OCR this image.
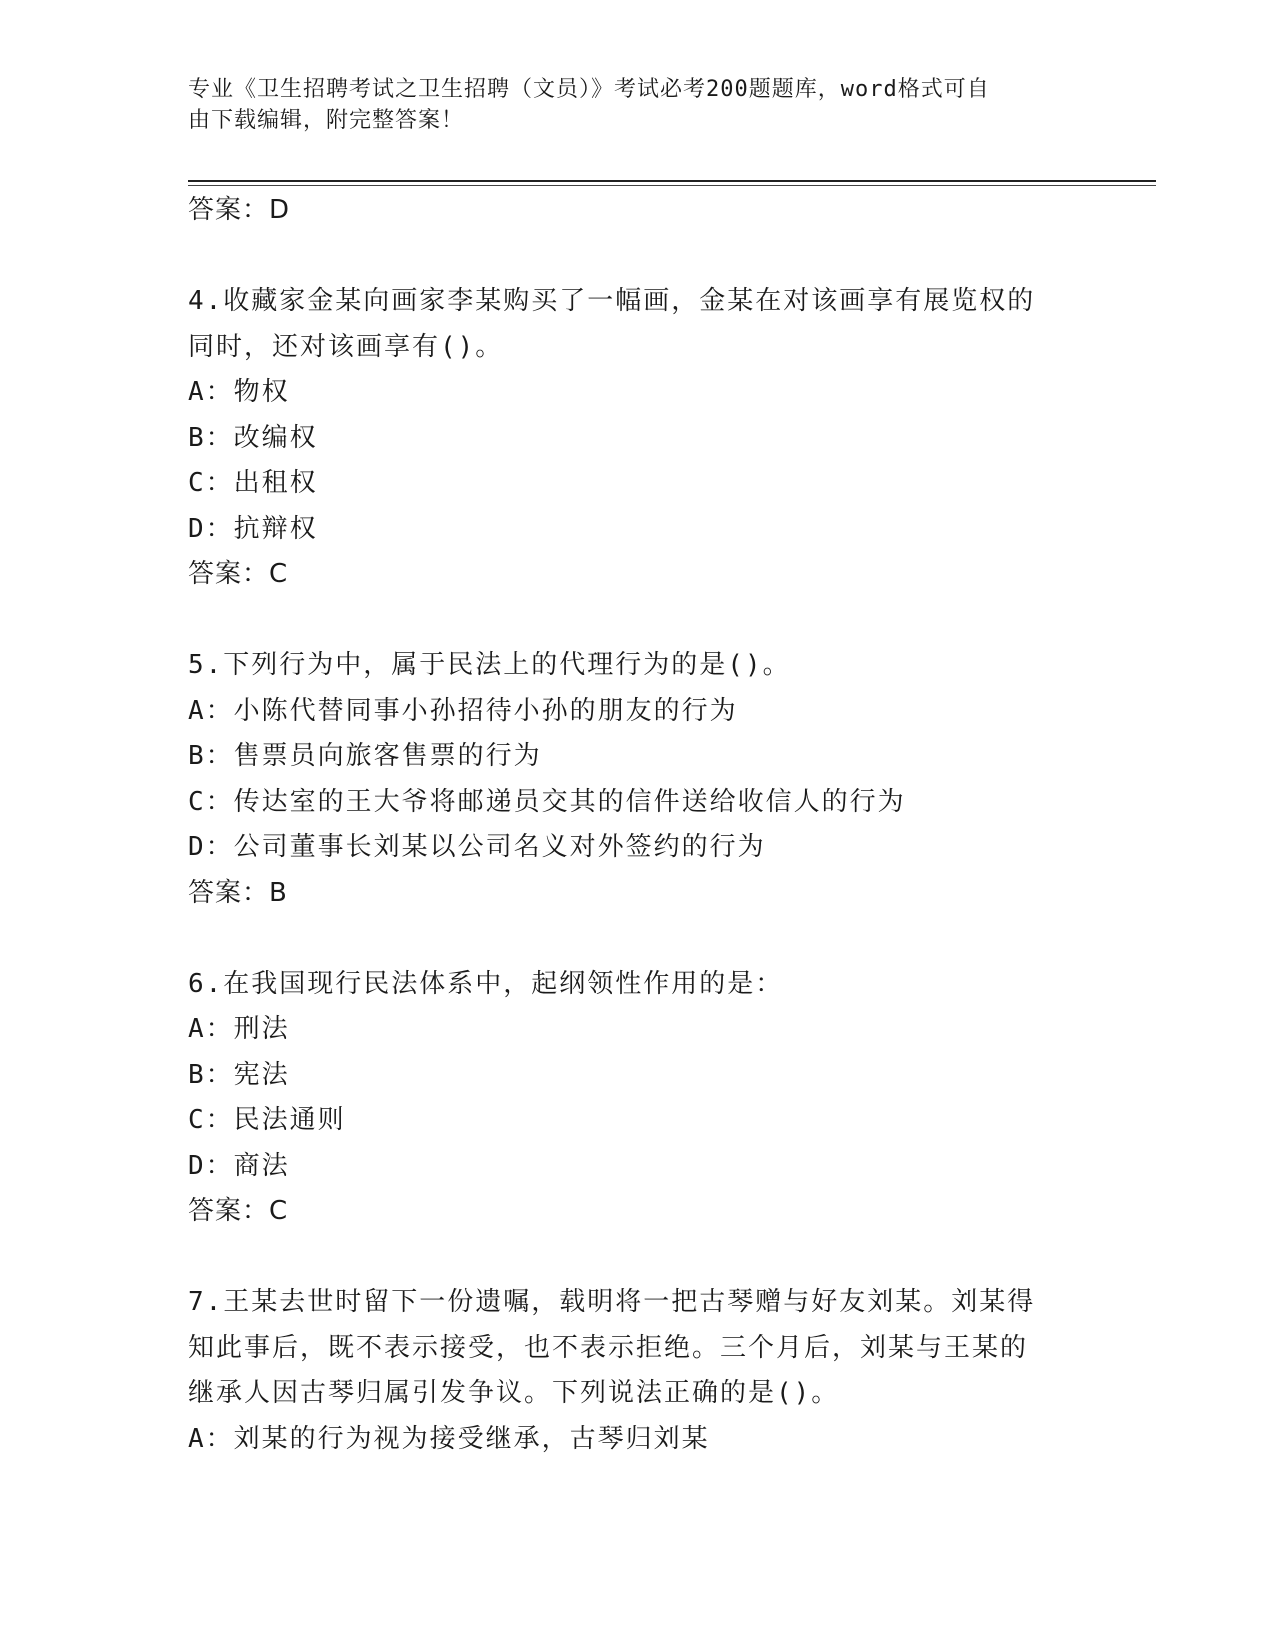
专业《卫生招聘考试之卫生招聘（文员）》考试必考200题题库，word格式可自
由下载编辑，附完整答案！
答案：D
4.收藏家金某向画家李某购买了一幅画，金某在对该画享有展览权的
同时，还对该画享有()。
A：物权
B：改编权
C：出租权
D：抗辩权
答案：C
5.下列行为中，属于民法上的代理行为的是()。
A：小陈代替同事小孙招待小孙的朋友的行为
B：售票员向旅客售票的行为
C：传达室的王大爷将邮递员交其的信件送给收信人的行为
D：公司董事长刘某以公司名义对外签约的行为
答案：B
6.在我国现行民法体系中，起纲领性作用的是：
A：刑法
B：宪法
C：民法通则
D：商法
答案：C
7.王某去世时留下一份遗嘱，载明将一把古琴赠与好友刘某。刘某得
知此事后，既不表示接受，也不表示拒绝。三个月后，刘某与王某的
继承人因古琴归属引发争议。下列说法正确的是()。
A：刘某的行为视为接受继承，古琴归刘某
